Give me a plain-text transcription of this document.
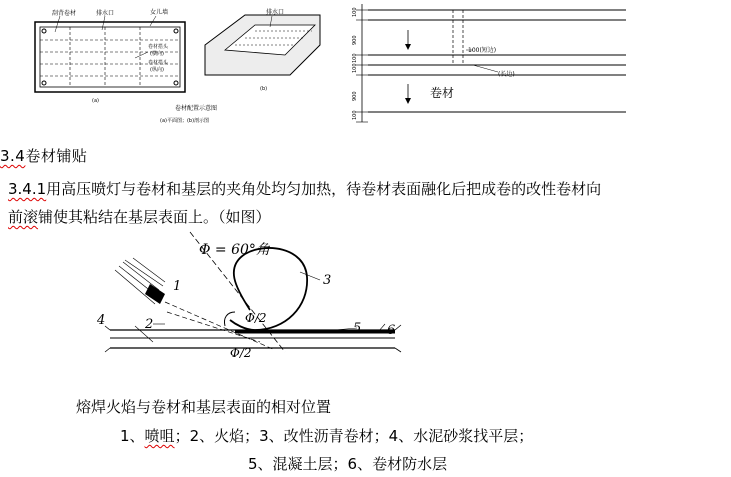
刮背卷材	排水口	女儿墙
卷材搭头
(横向)
卷材搭头
(纵向)
(a)
排水口
(b)
卷材配置示意图
(a)平面图；(b)剖示图
100
900
100
100
900
100
100(短边)
(长边)
卷材
3.4卷材铺贴
3.4.1用高压喷灯与卷材和基层的夹角处均匀加热，待卷材表面融化后把成卷的改性卷材向
前滚铺使其粘结在基层表面上。（如图）
Φ = 60°角
Φ/2
Φ/2
1
2
3
4
5 6
熔焊火焰与卷材和基层表面的相对位置
1、喷咀；2、火焰；3、改性沥青卷材；4、水泥砂浆找平层；
5、混凝土层；6、卷材防水层
